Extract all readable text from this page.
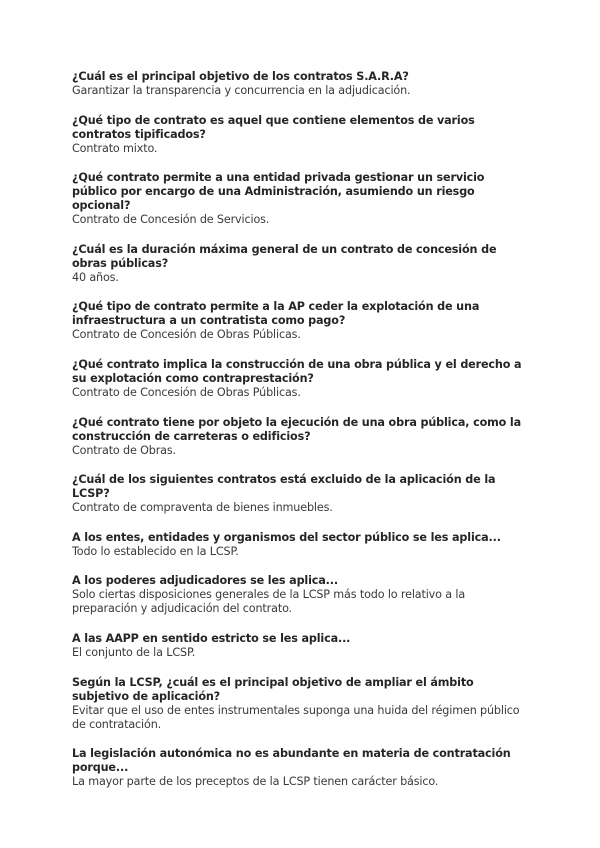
¿Cuál es el principal objetivo de los contratos S.A.R.A?

Garantizar la transparencia y concurrencia en la adjudicación.

¿Qué tipo de contrato es aquel que contiene elementos de varios contratos tipificados?

Contrato mixto.

¿Qué contrato permite a una entidad privada gestionar un servicio público por encargo de una Administración, asumiendo un riesgo opcional?

Contrato de Concesión de Servicios.

¿Cuál es la duración máxima general de un contrato de concesión de obras públicas?

40 años.

¿Qué tipo de contrato permite a la AP ceder la explotación de una infraestructura a un contratista como pago?

Contrato de Concesión de Obras Públicas.

¿Qué contrato implica la construcción de una obra pública y el derecho a su explotación como contraprestación?

Contrato de Concesión de Obras Públicas.

¿Qué contrato tiene por objeto la ejecución de una obra pública, como la construcción de carreteras o edificios?

Contrato de Obras.

¿Cuál de los siguientes contratos está excluido de la aplicación de la LCSP?

Contrato de compraventa de bienes inmuebles.

A los entes, entidades y organismos del sector público se les aplica...

Todo lo establecido en la LCSP.

A los poderes adjudicadores se les aplica...

Solo ciertas disposiciones generales de la LCSP más todo lo relativo a la preparación y adjudicación del contrato.

A las AAPP en sentido estricto se les aplica...

El conjunto de la LCSP.

Según la LCSP, ¿cuál es el principal objetivo de ampliar el ámbito subjetivo de aplicación?

Evitar que el uso de entes instrumentales suponga una huida del régimen público de contratación.

La legislación autonómica no es abundante en materia de contratación porque...

La mayor parte de los preceptos de la LCSP tienen carácter básico.
